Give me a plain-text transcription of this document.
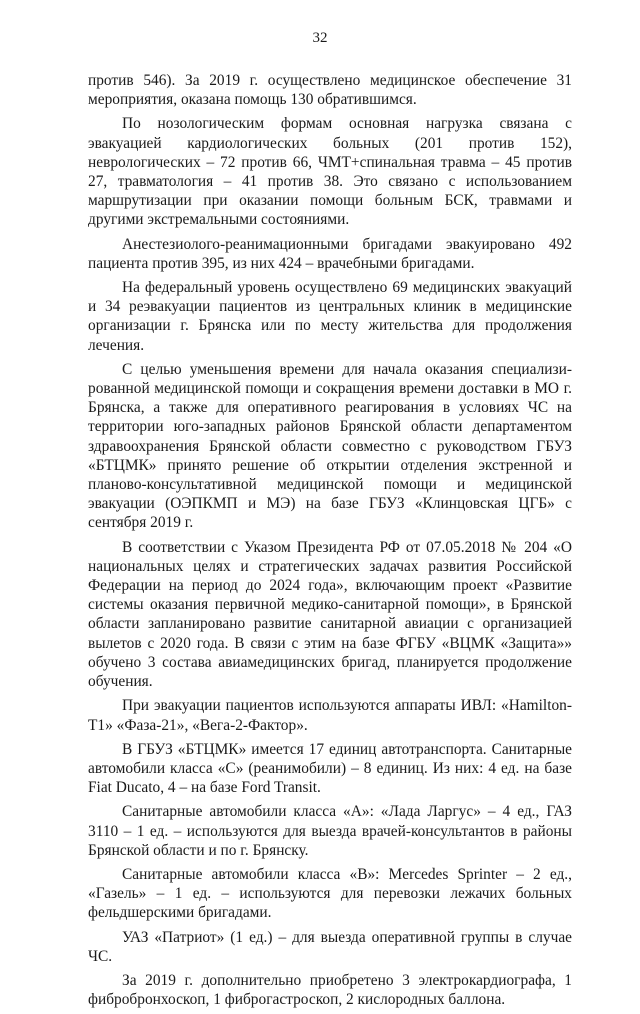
32

против 546). За 2019 г. осуществлено медицинское обеспечение 31 мероприятия, оказана помощь 130 обратившимся.

По нозологическим формам основная нагрузка связана с эвакуацией кардиологических больных (201 против 152), неврологических – 72 против 66, ЧМТ+спинальная травма – 45 против 27, травматология – 41 против 38. Это связано с использованием маршрутизации при оказании помощи больным БСК, травмами и другими экстремальными состояниями.

Анестезиолого-реанимационными бригадами эвакуировано 492 пациента против 395, из них 424 – врачебными бригадами.

На федеральный уровень осуществлено 69 медицинских эвакуаций и 34 реэвакуации пациентов из центральных клиник в медицинские организации г. Брянска или по месту жительства для продолжения лечения.

С целью уменьшения времени для начала оказания специализированной медицинской помощи и сокращения времени доставки в МО г. Брянска, а также для оперативного реагирования в условиях ЧС на территории юго-западных районов Брянской области департаментом здравоохранения Брянской области совместно с руководством ГБУЗ «БТЦМК» принято решение об открытии отделения экстренной и планово-консультативной медицинской помощи и медицинской эвакуации (ОЭПКМП и МЭ) на базе ГБУЗ «Клинцовская ЦГБ» с сентября 2019 г.

В соответствии с Указом Президента РФ от 07.05.2018 № 204 «О национальных целях и стратегических задачах развития Российской Федерации на период до 2024 года», включающим проект «Развитие системы оказания первичной медико-санитарной помощи», в Брянской области запланировано развитие санитарной авиации с организацией вылетов с 2020 года. В связи с этим на базе ФГБУ «ВЦМК «Защита»» обучено 3 состава авиамедицинских бригад, планируется продолжение обучения.

При эвакуации пациентов используются аппараты ИВЛ: «Hamilton-T1» «Фаза-21», «Вега-2-Фактор».

В ГБУЗ «БТЦМК» имеется 17 единиц автотранспорта. Санитарные автомобили класса «С» (реанимобили) – 8 единиц. Из них: 4 ед. на базе Fiat Ducato, 4 – на базе Ford Transit.

Санитарные автомобили класса «А»: «Лада Ларгус» – 4 ед., ГАЗ 3110 – 1 ед. – используются для выезда врачей-консультантов в районы Брянской области и по г. Брянску.

Санитарные автомобили класса «В»: Mercedes Sprinter – 2 ед., «Газель» – 1 ед. – используются для перевозки лежачих больных фельдшерскими бригадами.

УАЗ «Патриот» (1 ед.) – для выезда оперативной группы в случае ЧС.

За 2019 г. дополнительно приобретено 3 электрокардиографа, 1 фибробронхоскоп, 1 фиброгастроскоп, 2 кислородных баллона.
